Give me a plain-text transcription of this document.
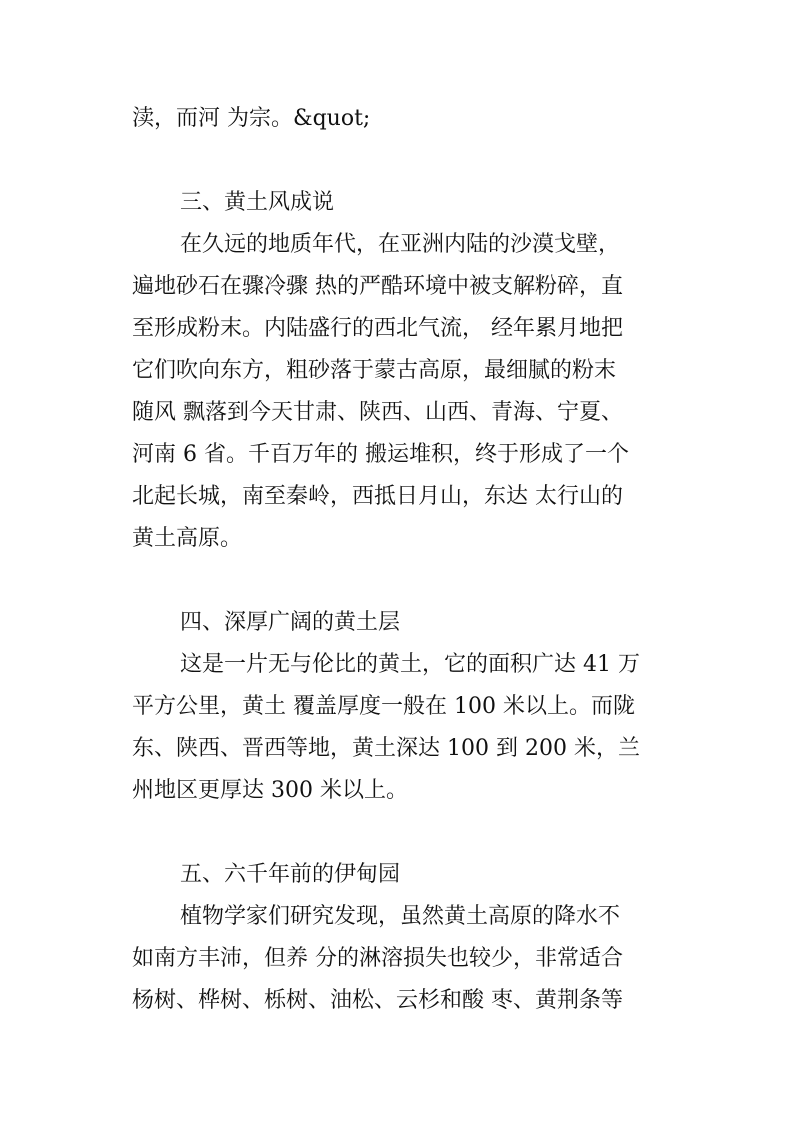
渎，而河 为宗。&quot;
三、黄土风成说
在久远的地质年代，在亚洲内陆的沙漠戈壁，
遍地砂石在骤冷骤 热的严酷环境中被支解粉碎，直
至形成粉末。内陆盛行的西北气流， 经年累月地把
它们吹向东方，粗砂落于蒙古高原，最细腻的粉末
随风 飘落到今天甘肃、陕西、山西、青海、宁夏、
河南 6 省。千百万年的 搬运堆积，终于形成了一个
北起长城，南至秦岭，西抵日月山，东达 太行山的
黄土高原。
四、深厚广阔的黄土层
这是一片无与伦比的黄土，它的面积广达 41 万
平方公里，黄土 覆盖厚度一般在 100 米以上。而陇
东、陕西、晋西等地，黄土深达 100 到 200 米，兰
州地区更厚达 300 米以上。
五、六千年前的伊甸园
植物学家们研究发现，虽然黄土高原的降水不
如南方丰沛，但养 分的淋溶损失也较少，非常适合
杨树、桦树、栎树、油松、云杉和酸 枣、黄荆条等
